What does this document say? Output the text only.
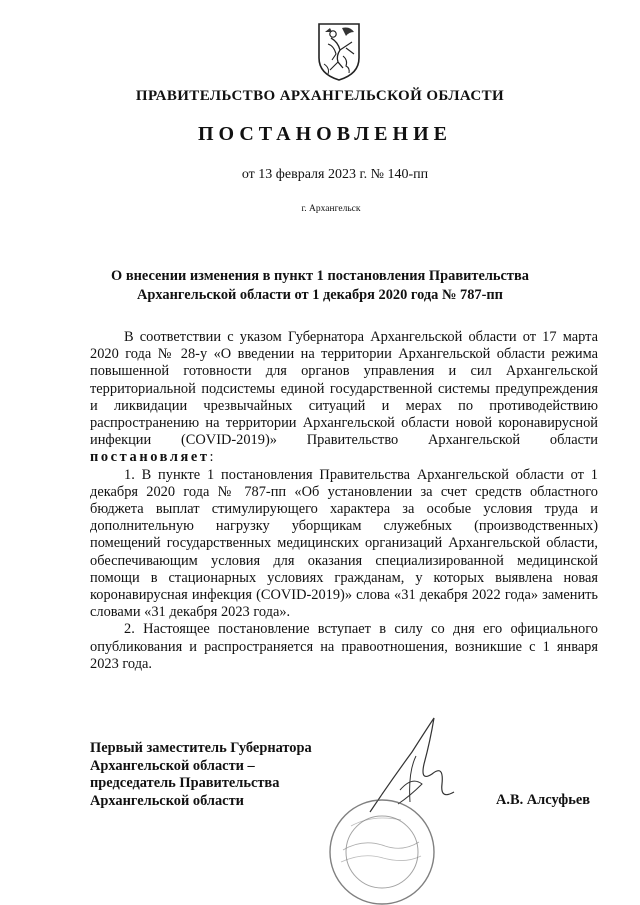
ПРАВИТЕЛЬСТВО АРХАНГЕЛЬСКОЙ ОБЛАСТИ
ПОСТАНОВЛЕНИЕ
от 13 февраля 2023 г. № 140-пп
г. Архангельск
О внесении изменения в пункт 1 постановления Правительства
Архангельской области от 1 декабря 2020 года № 787-пп

В соответствии с указом Губернатора Архангельской области от 17 марта 2020 года № 28-у «О введении на территории Архангельской области режима повышенной готовности для органов управления и сил Архангельской территориальной подсистемы единой государственной системы предупреждения и ликвидации чрезвычайных ситуаций и мерах по противодействию распространению на территории Архангельской области новой коронавирусной инфекции (COVID-2019)» Правительство Архангельской области постановляет:

1. В пункте 1 постановления Правительства Архангельской области от 1 декабря 2020 года № 787-пп «Об установлении за счет средств областного бюджета выплат стимулирующего характера за особые условия труда и дополнительную нагрузку уборщикам служебных (производственных) помещений государственных медицинских организаций Архангельской области, обеспечивающим условия для оказания специализированной медицинской помощи в стационарных условиях гражданам, у которых выявлена новая коронавирусная инфекция (COVID-2019)» слова «31 декабря 2022 года» заменить словами «31 декабря 2023 года».

2. Настоящее постановление вступает в силу со дня его официального опубликования и распространяется на правоотношения, возникшие с 1 января 2023 года.

Первый заместитель Губернатора
Архангельской области –
председатель Правительства
Архангельской области	А.В. Алсуфьев
